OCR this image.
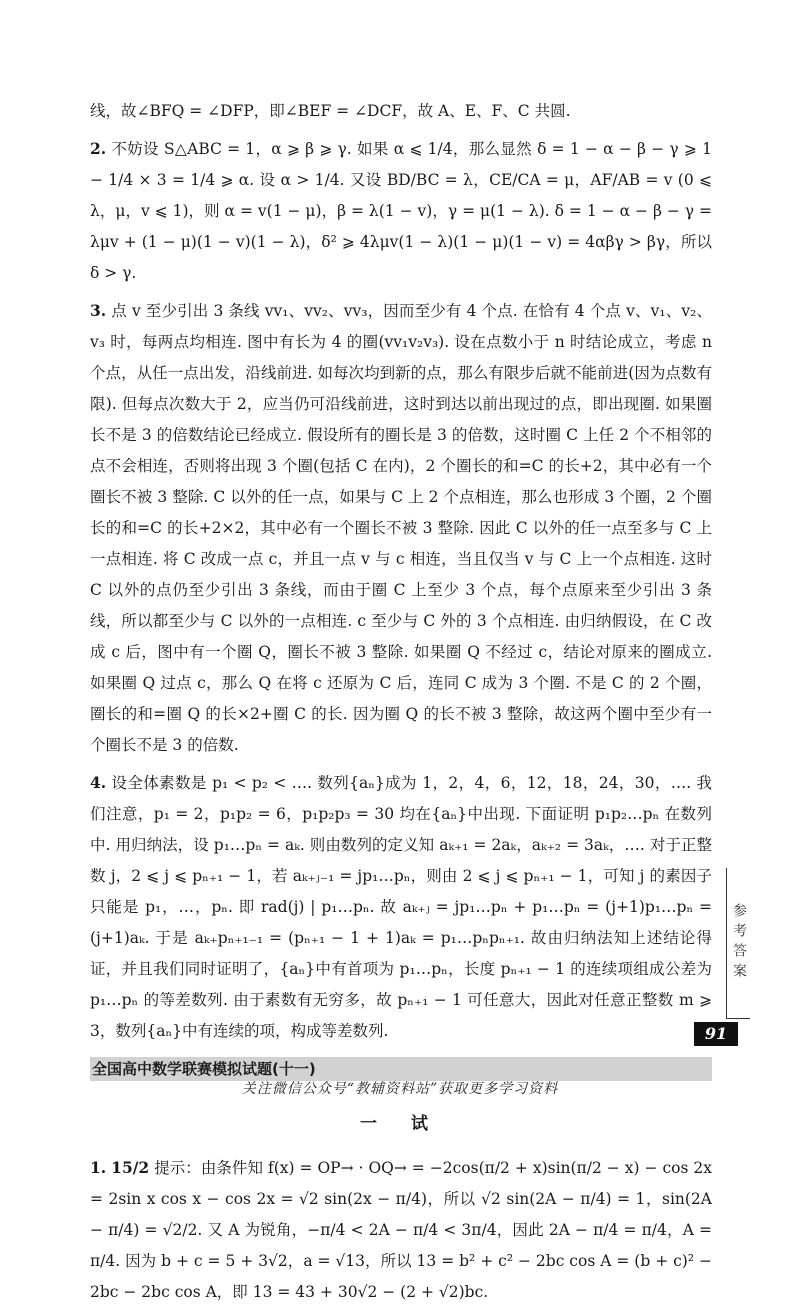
线，故∠BFQ = ∠DFP，即∠BEF = ∠DCF，故 A、E、F、C 共圆.

2. 不妨设 S△ABC = 1，α ⩾ β ⩾ γ. 如果 α ⩽ 1/4，那么显然 δ = 1 − α − β − γ ⩾ 1 − 1/4 × 3 = 1/4 ⩾ α. 设 α > 1/4. 又设 BD/BC = λ，CE/CA = μ，AF/AB = v (0 ⩽ λ，μ，v ⩽ 1)，则 α = v(1 − μ)，β = λ(1 − v)，γ = μ(1 − λ). δ = 1 − α − β − γ = λμv + (1 − μ)(1 − v)(1 − λ)，δ² ⩾ 4λμv(1 − λ)(1 − μ)(1 − v) = 4αβγ > βγ，所以 δ > γ.

3. 点 v 至少引出 3 条线 vv₁、vv₂、vv₃，因而至少有 4 个点. 在恰有 4 个点 v、v₁、v₂、v₃ 时，每两点均相连. 图中有长为 4 的圈(vv₁v₂v₃). 设在点数小于 n 时结论成立，考虑 n 个点，从任一点出发，沿线前进. 如每次均到新的点，那么有限步后就不能前进(因为点数有限). 但每点次数大于 2，应当仍可沿线前进，这时到达以前出现过的点，即出现圈. 如果圈长不是 3 的倍数结论已经成立. 假设所有的圈长是 3 的倍数，这时圈 C 上任 2 个不相邻的点不会相连，否则将出现 3 个圈(包括 C 在内)，2 个圈长的和=C 的长+2，其中必有一个圈长不被 3 整除. C 以外的任一点，如果与 C 上 2 个点相连，那么也形成 3 个圈，2 个圈长的和=C 的长+2×2，其中必有一个圈长不被 3 整除. 因此 C 以外的任一点至多与 C 上一点相连. 将 C 改成一点 c，并且一点 v 与 c 相连，当且仅当 v 与 C 上一个点相连. 这时 C 以外的点仍至少引出 3 条线，而由于圈 C 上至少 3 个点，每个点原来至少引出 3 条线，所以都至少与 C 以外的一点相连. c 至少与 C 外的 3 个点相连. 由归纳假设，在 C 改成 c 后，图中有一个圈 Q，圈长不被 3 整除. 如果圈 Q 不经过 c，结论对原来的圈成立. 如果圈 Q 过点 c，那么 Q 在将 c 还原为 C 后，连同 C 成为 3 个圈. 不是 C 的 2 个圈，圈长的和=圈 Q 的长×2+圈 C 的长. 因为圈 Q 的长不被 3 整除，故这两个圈中至少有一个圈长不是 3 的倍数.

4. 设全体素数是 p₁ < p₂ < …. 数列{aₙ}成为 1，2，4，6，12，18，24，30，…. 我们注意，p₁ = 2，p₁p₂ = 6，p₁p₂p₃ = 30 均在{aₙ}中出现. 下面证明 p₁p₂…pₙ 在数列中. 用归纳法，设 p₁…pₙ = aₖ. 则由数列的定义知 aₖ₊₁ = 2aₖ，aₖ₊₂ = 3aₖ，…. 对于正整数 j，2 ⩽ j ⩽ pₙ₊₁ − 1，若 aₖ₊ⱼ₋₁ = jp₁…pₙ，则由 2 ⩽ j ⩽ pₙ₊₁ − 1，可知 j 的素因子只能是 p₁，…，pₙ. 即 rad(j) | p₁…pₙ. 故 aₖ₊ⱼ = jp₁…pₙ + p₁…pₙ = (j+1)p₁…pₙ = (j+1)aₖ. 于是 aₖ₊pₙ₊₁₋₁ = (pₙ₊₁ − 1 + 1)aₖ = p₁…pₙpₙ₊₁. 故由归纳法知上述结论得证，并且我们同时证明了，{aₙ}中有首项为 p₁…pₙ，长度 pₙ₊₁ − 1 的连续项组成公差为 p₁…pₙ 的等差数列. 由于素数有无穷多，故 pₙ₊₁ − 1 可任意大，因此对任意正整数 m ⩾ 3，数列{aₙ}中有连续的项，构成等差数列.

全国高中数学联赛模拟试题(十一)
一 试

1. 15/2 提示：由条件知 f(x) = OP→ · OQ→ = −2cos(π/2 + x)sin(π/2 − x) − cos 2x = 2sin x cos x − cos 2x = √2 sin(2x − π/4)，所以 √2 sin(2A − π/4) = 1，sin(2A − π/4) = √2/2. 又 A 为锐角，−π/4 < 2A − π/4 < 3π/4，因此 2A − π/4 = π/4，A = π/4. 因为 b + c = 5 + 3√2，a = √13，所以 13 = b² + c² − 2bc cos A = (b + c)² − 2bc − 2bc cos A，即 13 = 43 + 30√2 − (2 + √2)bc.

参考答案
91
关注微信公众号“教辅资料站”获取更多学习资料
